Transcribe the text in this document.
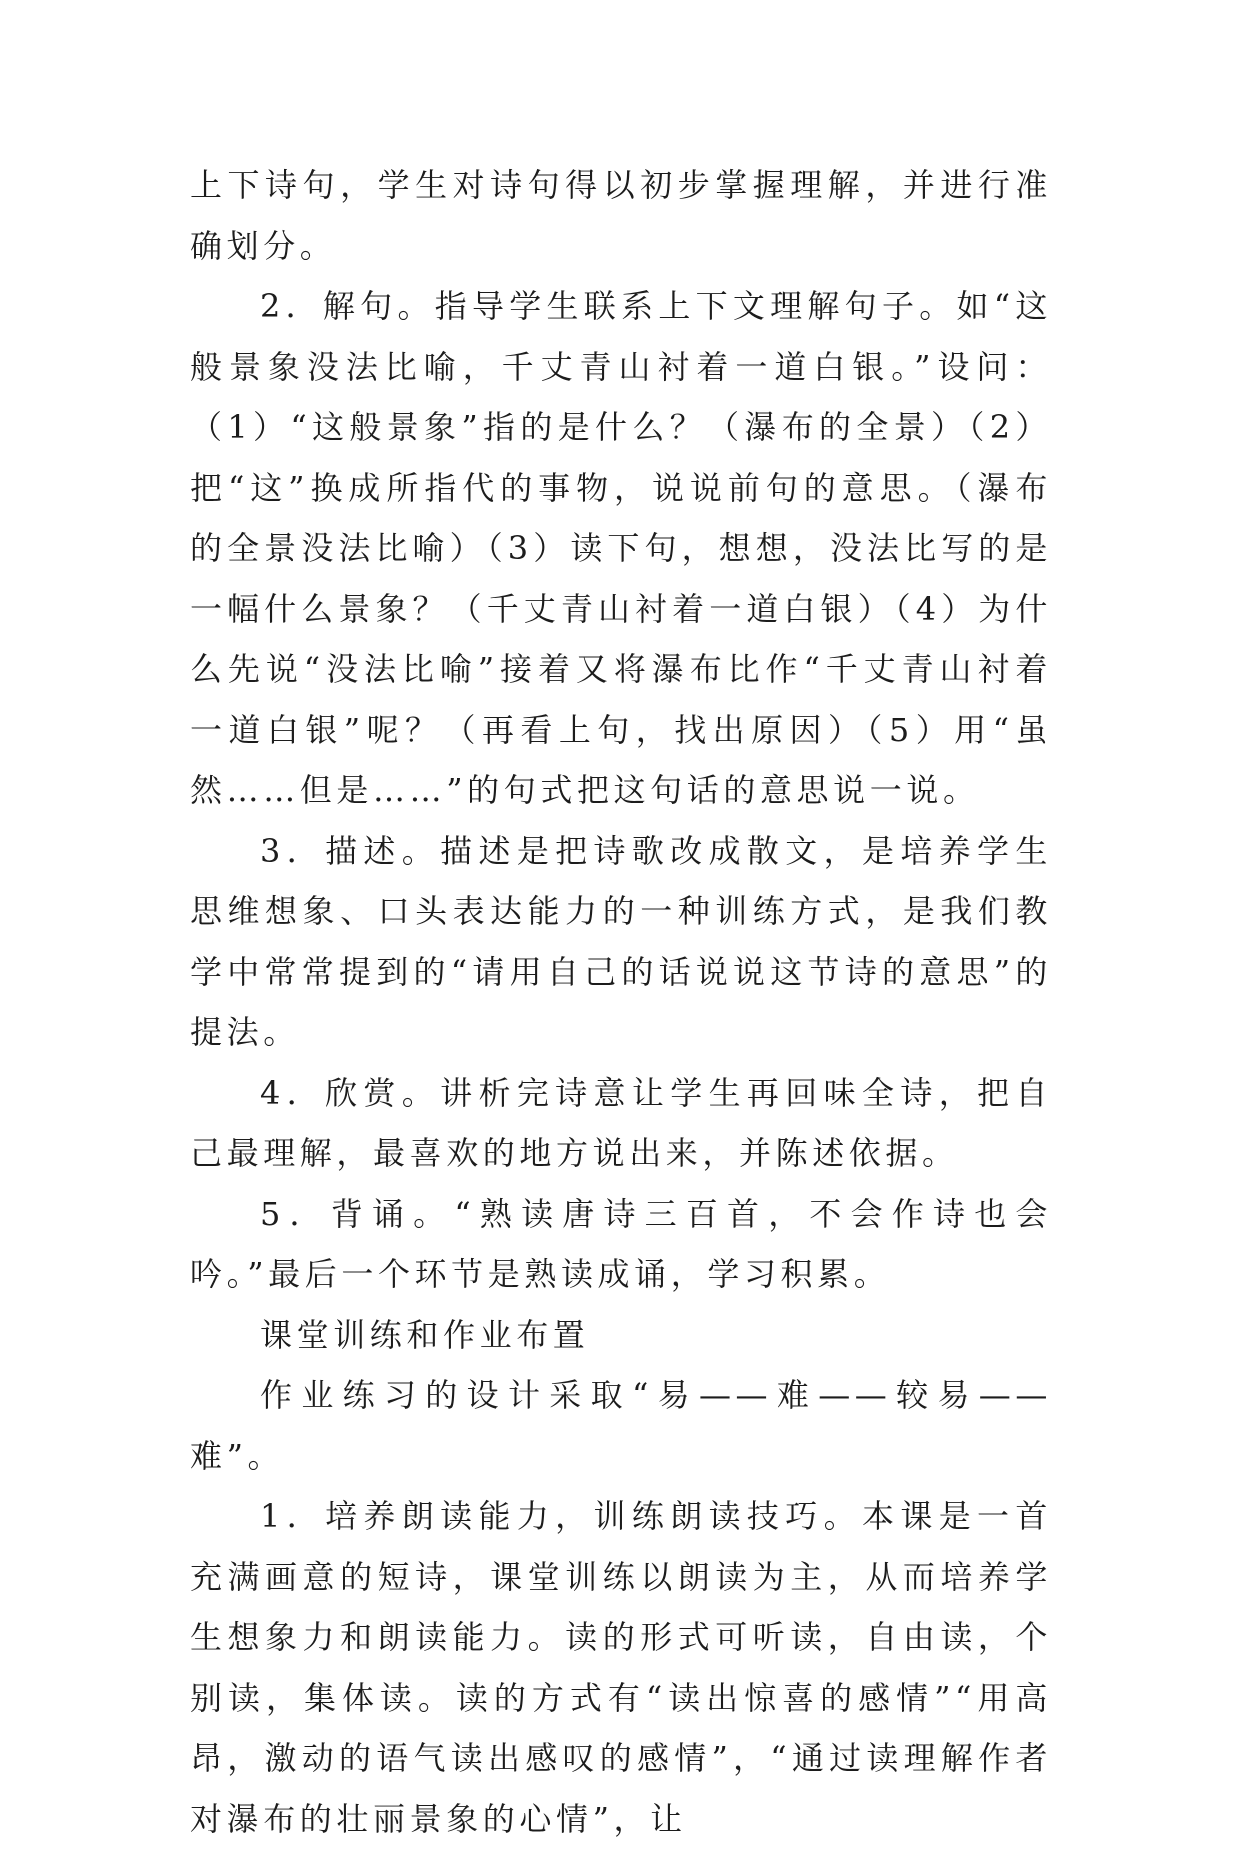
上下诗句，学生对诗句得以初步掌握理解，并进行准确划分。

2．解句。指导学生联系上下文理解句子。如“这般景象没法比喻，千丈青山衬着一道白银。”设问：（1）“这般景象”指的是什么？（瀑布的全景）（2）把“这”换成所指代的事物，说说前句的意思。（瀑布的全景没法比喻）（3）读下句，想想，没法比写的是一幅什么景象？（千丈青山衬着一道白银）（4）为什么先说“没法比喻”接着又将瀑布比作“千丈青山衬着一道白银”呢？（再看上句，找出原因）（5）用“虽然……但是……”的句式把这句话的意思说一说。

3．描述。描述是把诗歌改成散文，是培养学生思维想象、口头表达能力的一种训练方式，是我们教学中常常提到的“请用自己的话说说这节诗的意思”的提法。

4．欣赏。讲析完诗意让学生再回味全诗，把自己最理解，最喜欢的地方说出来，并陈述依据。

5．背诵。“熟读唐诗三百首，不会作诗也会吟。”最后一个环节是熟读成诵，学习积累。

课堂训练和作业布置

作业练习的设计采取“易——难——较易——难”。

1．培养朗读能力，训练朗读技巧。本课是一首充满画意的短诗，课堂训练以朗读为主，从而培养学生想象力和朗读能力。读的形式可听读，自由读，个别读，集体读。读的方式有“读出惊喜的感情”“用高昂，激动的语气读出感叹的感情”，“通过读理解作者对瀑布的壮丽景象的心情”，让
